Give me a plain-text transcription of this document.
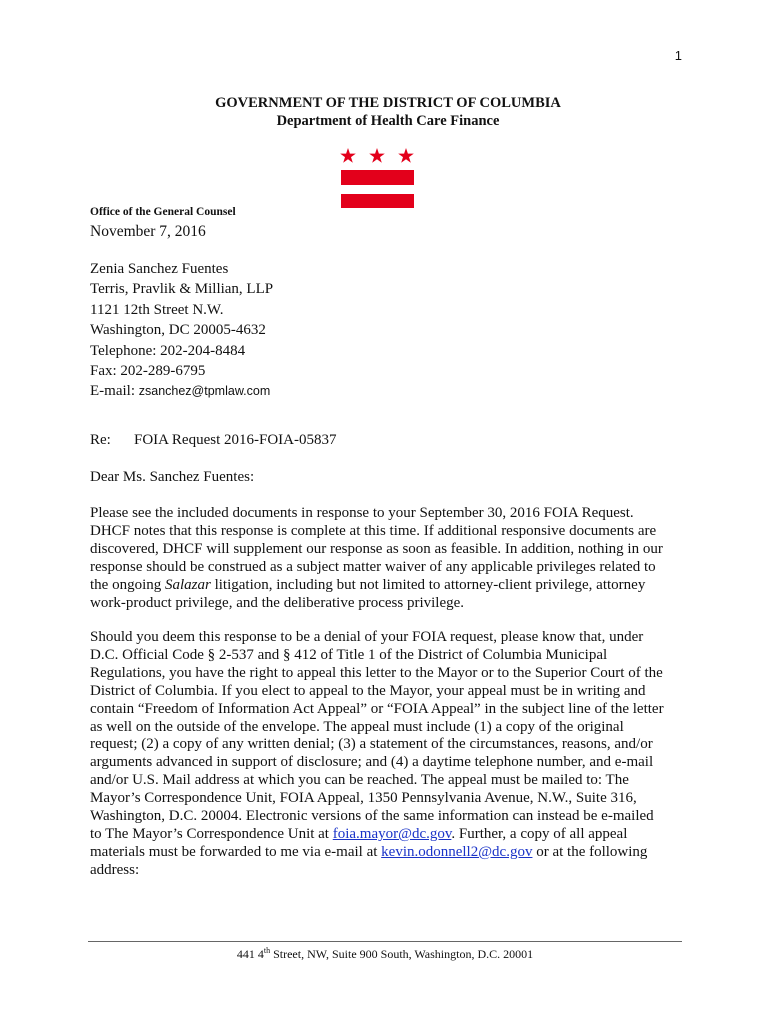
1
GOVERNMENT OF THE DISTRICT OF COLUMBIA
Department of Health Care Finance
Office of the General Counsel
November 7, 2016
Zenia Sanchez Fuentes
Terris, Pravlik & Millian, LLP
1121 12th Street N.W.
Washington, DC 20005-4632
Telephone: 202-204-8484
Fax: 202-289-6795
E-mail: zsanchez@tpmlaw.com
Re: FOIA Request 2016-FOIA-05837
Dear Ms. Sanchez Fuentes:
Please see the included documents in response to your September 30, 2016 FOIA Request.
DHCF notes that this response is complete at this time. If additional responsive documents are
discovered, DHCF will supplement our response as soon as feasible. In addition, nothing in our
response should be construed as a subject matter waiver of any applicable privileges related to
the ongoing Salazar litigation, including but not limited to attorney-client privilege, attorney
work-product privilege, and the deliberative process privilege.
Should you deem this response to be a denial of your FOIA request, please know that, under
D.C. Official Code § 2-537 and § 412 of Title 1 of the District of Columbia Municipal
Regulations, you have the right to appeal this letter to the Mayor or to the Superior Court of the
District of Columbia. If you elect to appeal to the Mayor, your appeal must be in writing and
contain “Freedom of Information Act Appeal” or “FOIA Appeal” in the subject line of the letter
as well on the outside of the envelope. The appeal must include (1) a copy of the original
request; (2) a copy of any written denial; (3) a statement of the circumstances, reasons, and/or
arguments advanced in support of disclosure; and (4) a daytime telephone number, and e-mail
and/or U.S. Mail address at which you can be reached. The appeal must be mailed to: The
Mayor’s Correspondence Unit, FOIA Appeal, 1350 Pennsylvania Avenue, N.W., Suite 316,
Washington, D.C. 20004. Electronic versions of the same information can instead be e-mailed
to The Mayor’s Correspondence Unit at foia.mayor@dc.gov. Further, a copy of all appeal
materials must be forwarded to me via e-mail at kevin.odonnell2@dc.gov or at the following
address:
441 4th Street, NW, Suite 900 South, Washington, D.C. 20001
